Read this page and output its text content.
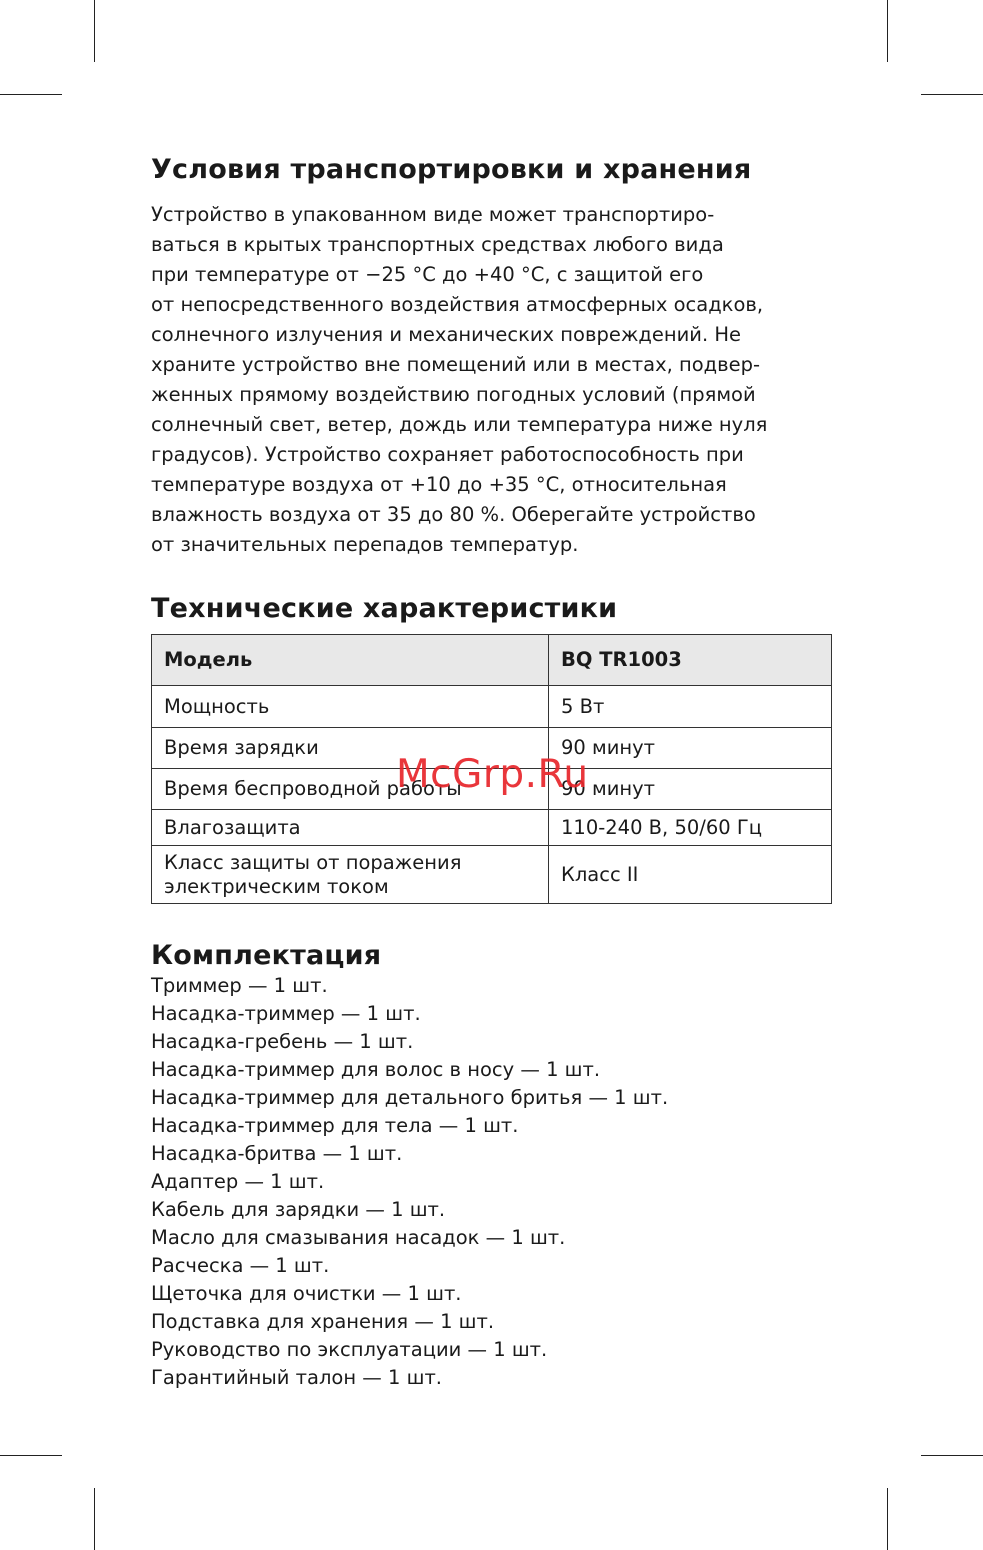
Условия транспортировки и хранения

Устройство в упакованном виде может транспортиро-
ваться в крытых транспортных средствах любого вида
при температуре от −25 °C до +40 °C, с защитой его
от непосредственного воздействия атмосферных осадков,
солнечного излучения и механических повреждений. Не
храните устройство вне помещений или в местах, подвер-
женных прямому воздействию погодных условий (прямой
солнечный свет, ветер, дождь или температура ниже нуля
градусов). Устройство сохраняет работоспособность при
температуре воздуха от +10 до +35 °C, относительная
влажность воздуха от 35 до 80 %. Оберегайте устройство
от значительных перепадов температур.

Технические характеристики
Модель	BQ TR1003
Мощность	5 Вт
Время зарядки	90 минут
Время беспроводной работы	90 минут
Влагозащита	110-240 В, 50/60 Гц

Класс защиты от поражения
электрическим током	Класс II
Комплектация
Триммер — 1 шт.
Насадка-триммер — 1 шт.
Насадка-гребень — 1 шт.
Насадка-триммер для волос в носу — 1 шт.
Насадка-триммер для детального бритья — 1 шт.
Насадка-триммер для тела — 1 шт.
Насадка-бритва — 1 шт.
Адаптер — 1 шт.
Кабель для зарядки — 1 шт.
Масло для смазывания насадок — 1 шт.
Расческа — 1 шт.
Щеточка для очистки — 1 шт.
Подставка для хранения — 1 шт.
Руководство по эксплуатации — 1 шт.
Гарантийный талон — 1 шт.
McGrp.Ru
